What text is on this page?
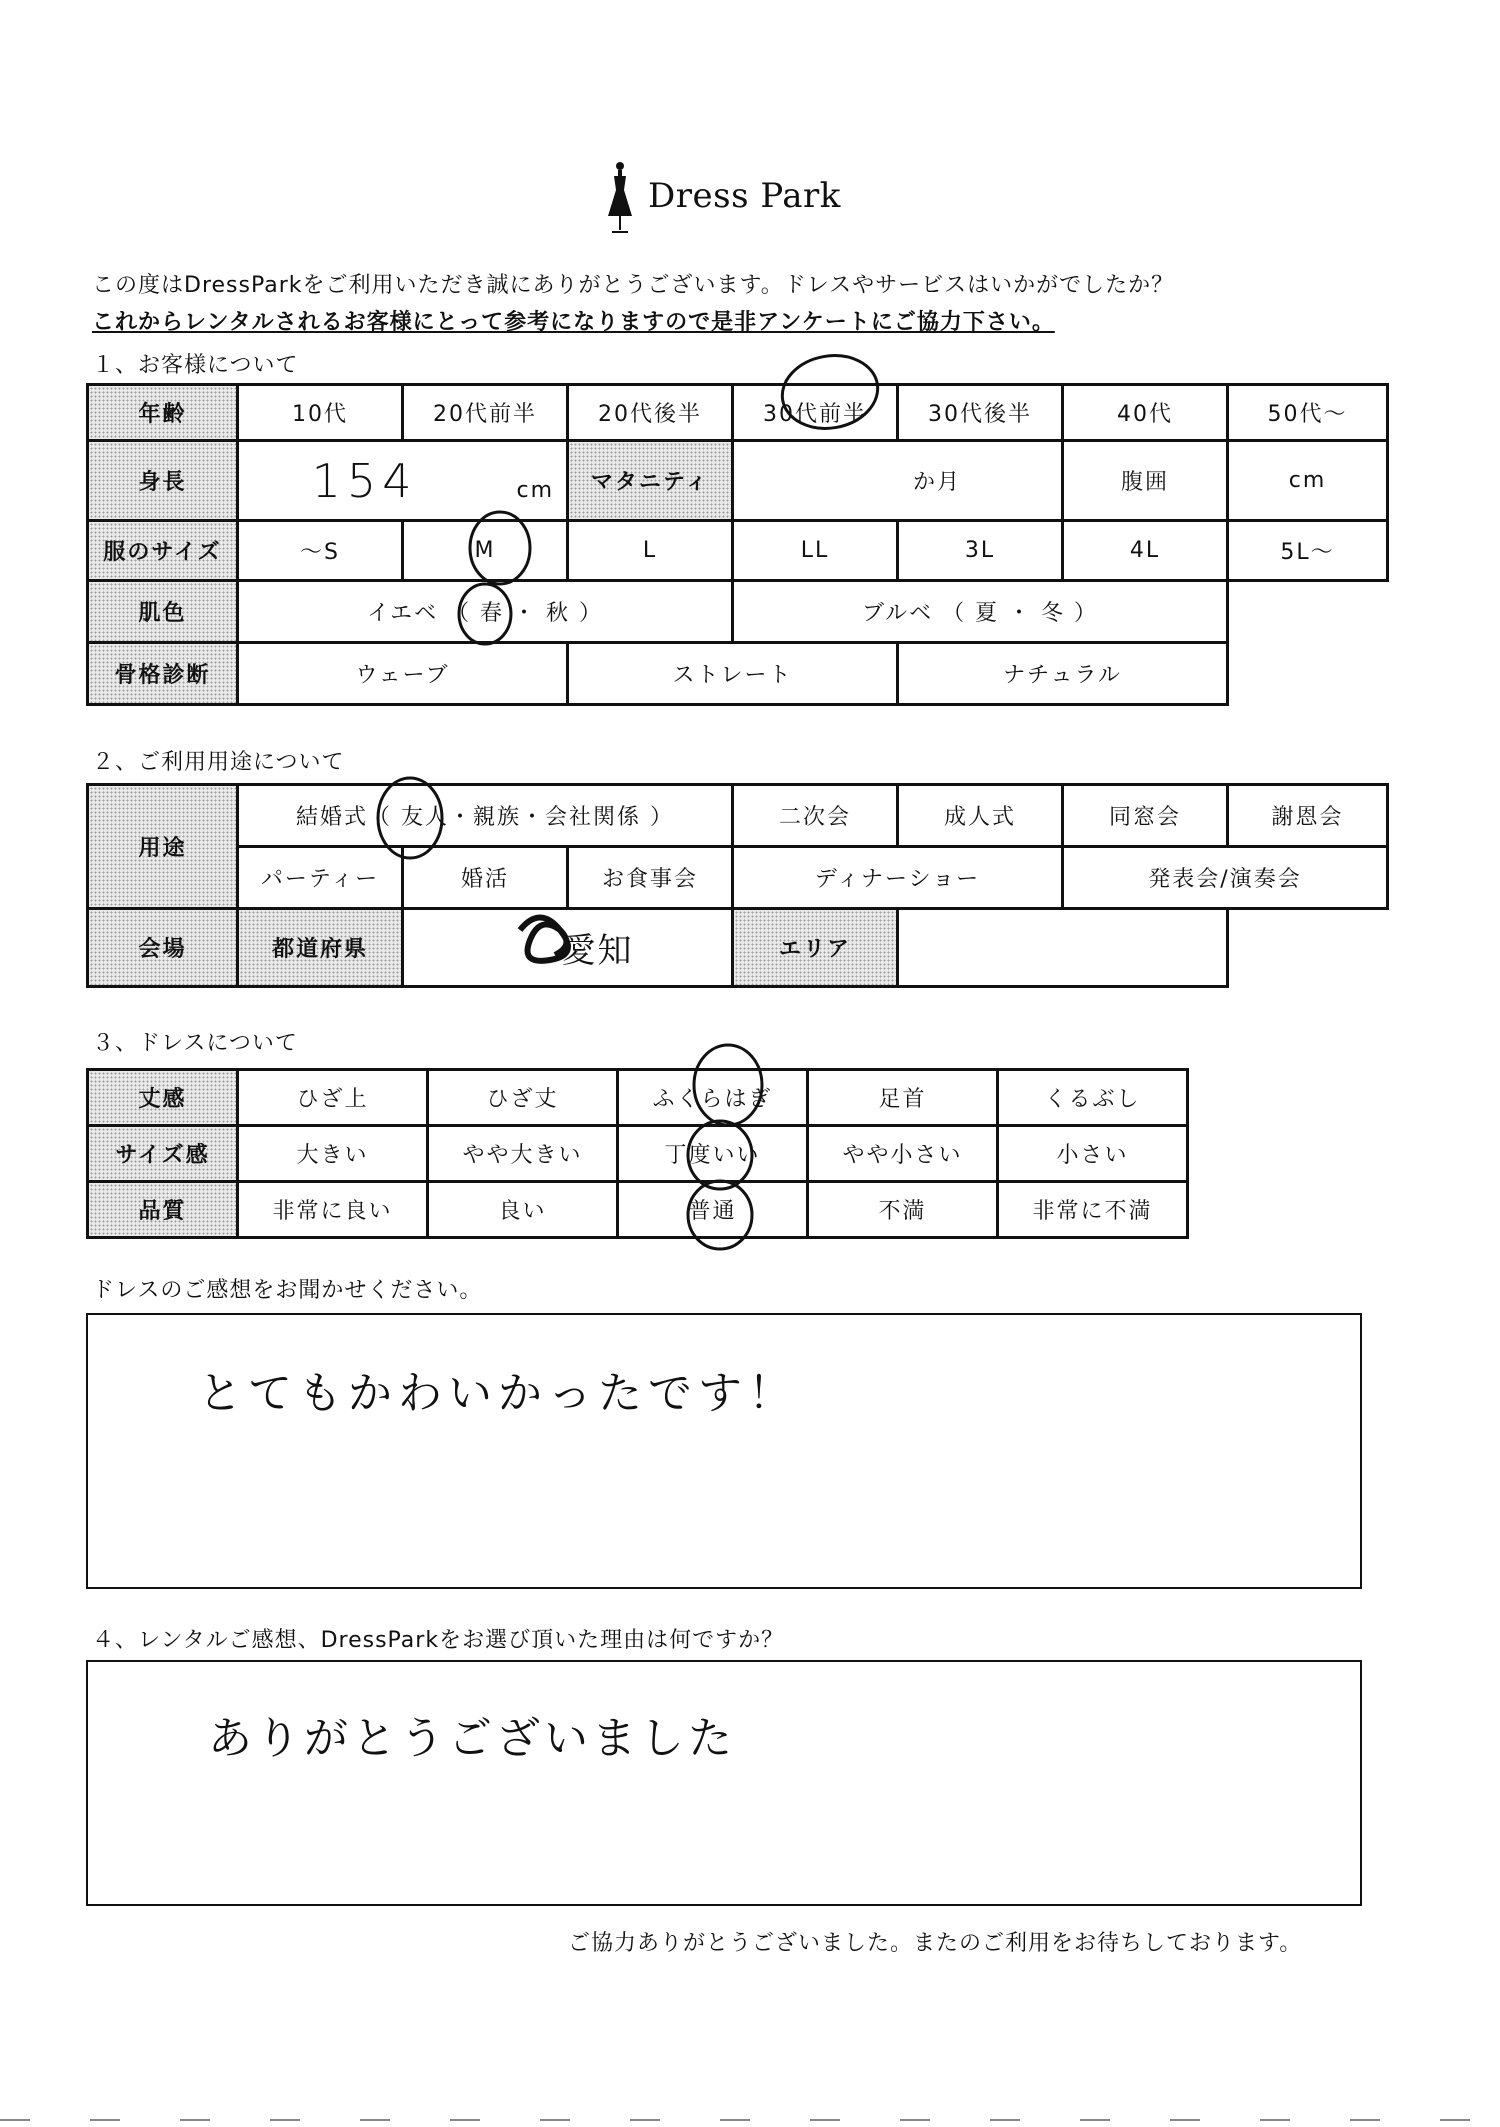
Dress Park
この度はDressParkをご利用いただき誠にありがとうございます。ドレスやサービスはいかがでしたか？
これからレンタルされるお客様にとって参考になりますので是非アンケートにご協力下さい。
１、お客様について
年齢	10代	20代前半	20代後半	30代前半	30代後半	40代	50代〜
身長	154 cm		マタニティ	か月		腹囲	cm
服のサイズ	〜S	M	L	LL	3L	4L	5L〜
肌色	イエベ （ 春 ・ 秋 ）			ブルベ （ 夏 ・ 冬 ）			
骨格診断	ウェーブ		ストレート		ナチュラル		
２、ご利用用途について
用途	結婚式（ 友人・親族・会社関係 ）			二次会	成人式	同窓会	謝恩会
	パーティー	婚活	お食事会	ディナーショー		発表会/演奏会	
会場	都道府県	愛知		エリア			
３、ドレスについて
丈感	ひざ上	ひざ丈	ふくらはぎ	足首	くるぶし
サイズ感	大きい	やや大きい	丁度いい	やや小さい	小さい
品質	非常に良い	良い	普通	不満	非常に不満
ドレスのご感想をお聞かせください。
とてもかわいかったです！
４、レンタルご感想、DressParkをお選び頂いた理由は何ですか？
ありがとうございました
ご協力ありがとうございました。またのご利用をお待ちしております。
